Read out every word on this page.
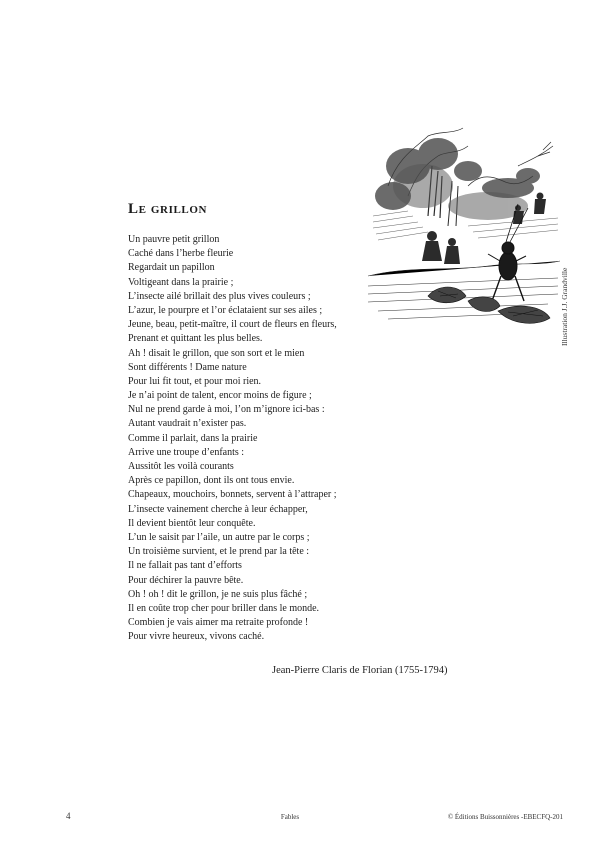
Illustration J.J. Grandville
Le grillon
Un pauvre petit grillon
Caché dans l’herbe fleurie
Regardait un papillon
Voltigeant dans la prairie ;
L’insecte ailé brillait des plus vives couleurs ;
L’azur, le pourpre et l’or éclataient sur ses ailes ;
Jeune, beau, petit-maître, il court de fleurs en fleurs,
Prenant et quittant les plus belles.
Ah ! disait le grillon, que son sort et le mien
Sont différents ! Dame nature
Pour lui fit tout, et pour moi rien.
Je n’ai point de talent, encor moins de figure ;
Nul ne prend garde à moi, l’on m’ignore ici-bas :
Autant vaudrait n’exister pas.
Comme il parlait, dans la prairie
Arrive une troupe d’enfants :
Aussitôt les voilà courants
Après ce papillon, dont ils ont tous envie.
Chapeaux, mouchoirs, bonnets, servent à l’attraper ;
L’insecte vainement cherche à leur échapper,
Il devient bientôt leur conquête.
L’un le saisit par l’aile, un autre par le corps ;
Un troisième survient, et le prend par la tête :
Il ne fallait pas tant d’efforts
Pour déchirer la pauvre bête.
Oh ! oh ! dit le grillon, je ne suis plus fâché ;
Il en coûte trop cher pour briller dans le monde.
Combien je vais aimer ma retraite profonde !
Pour vivre heureux, vivons caché.
Jean-Pierre Claris de Florian (1755-1794)
4	Fables	© Éditions Buissonnières -EBECFQ-201
